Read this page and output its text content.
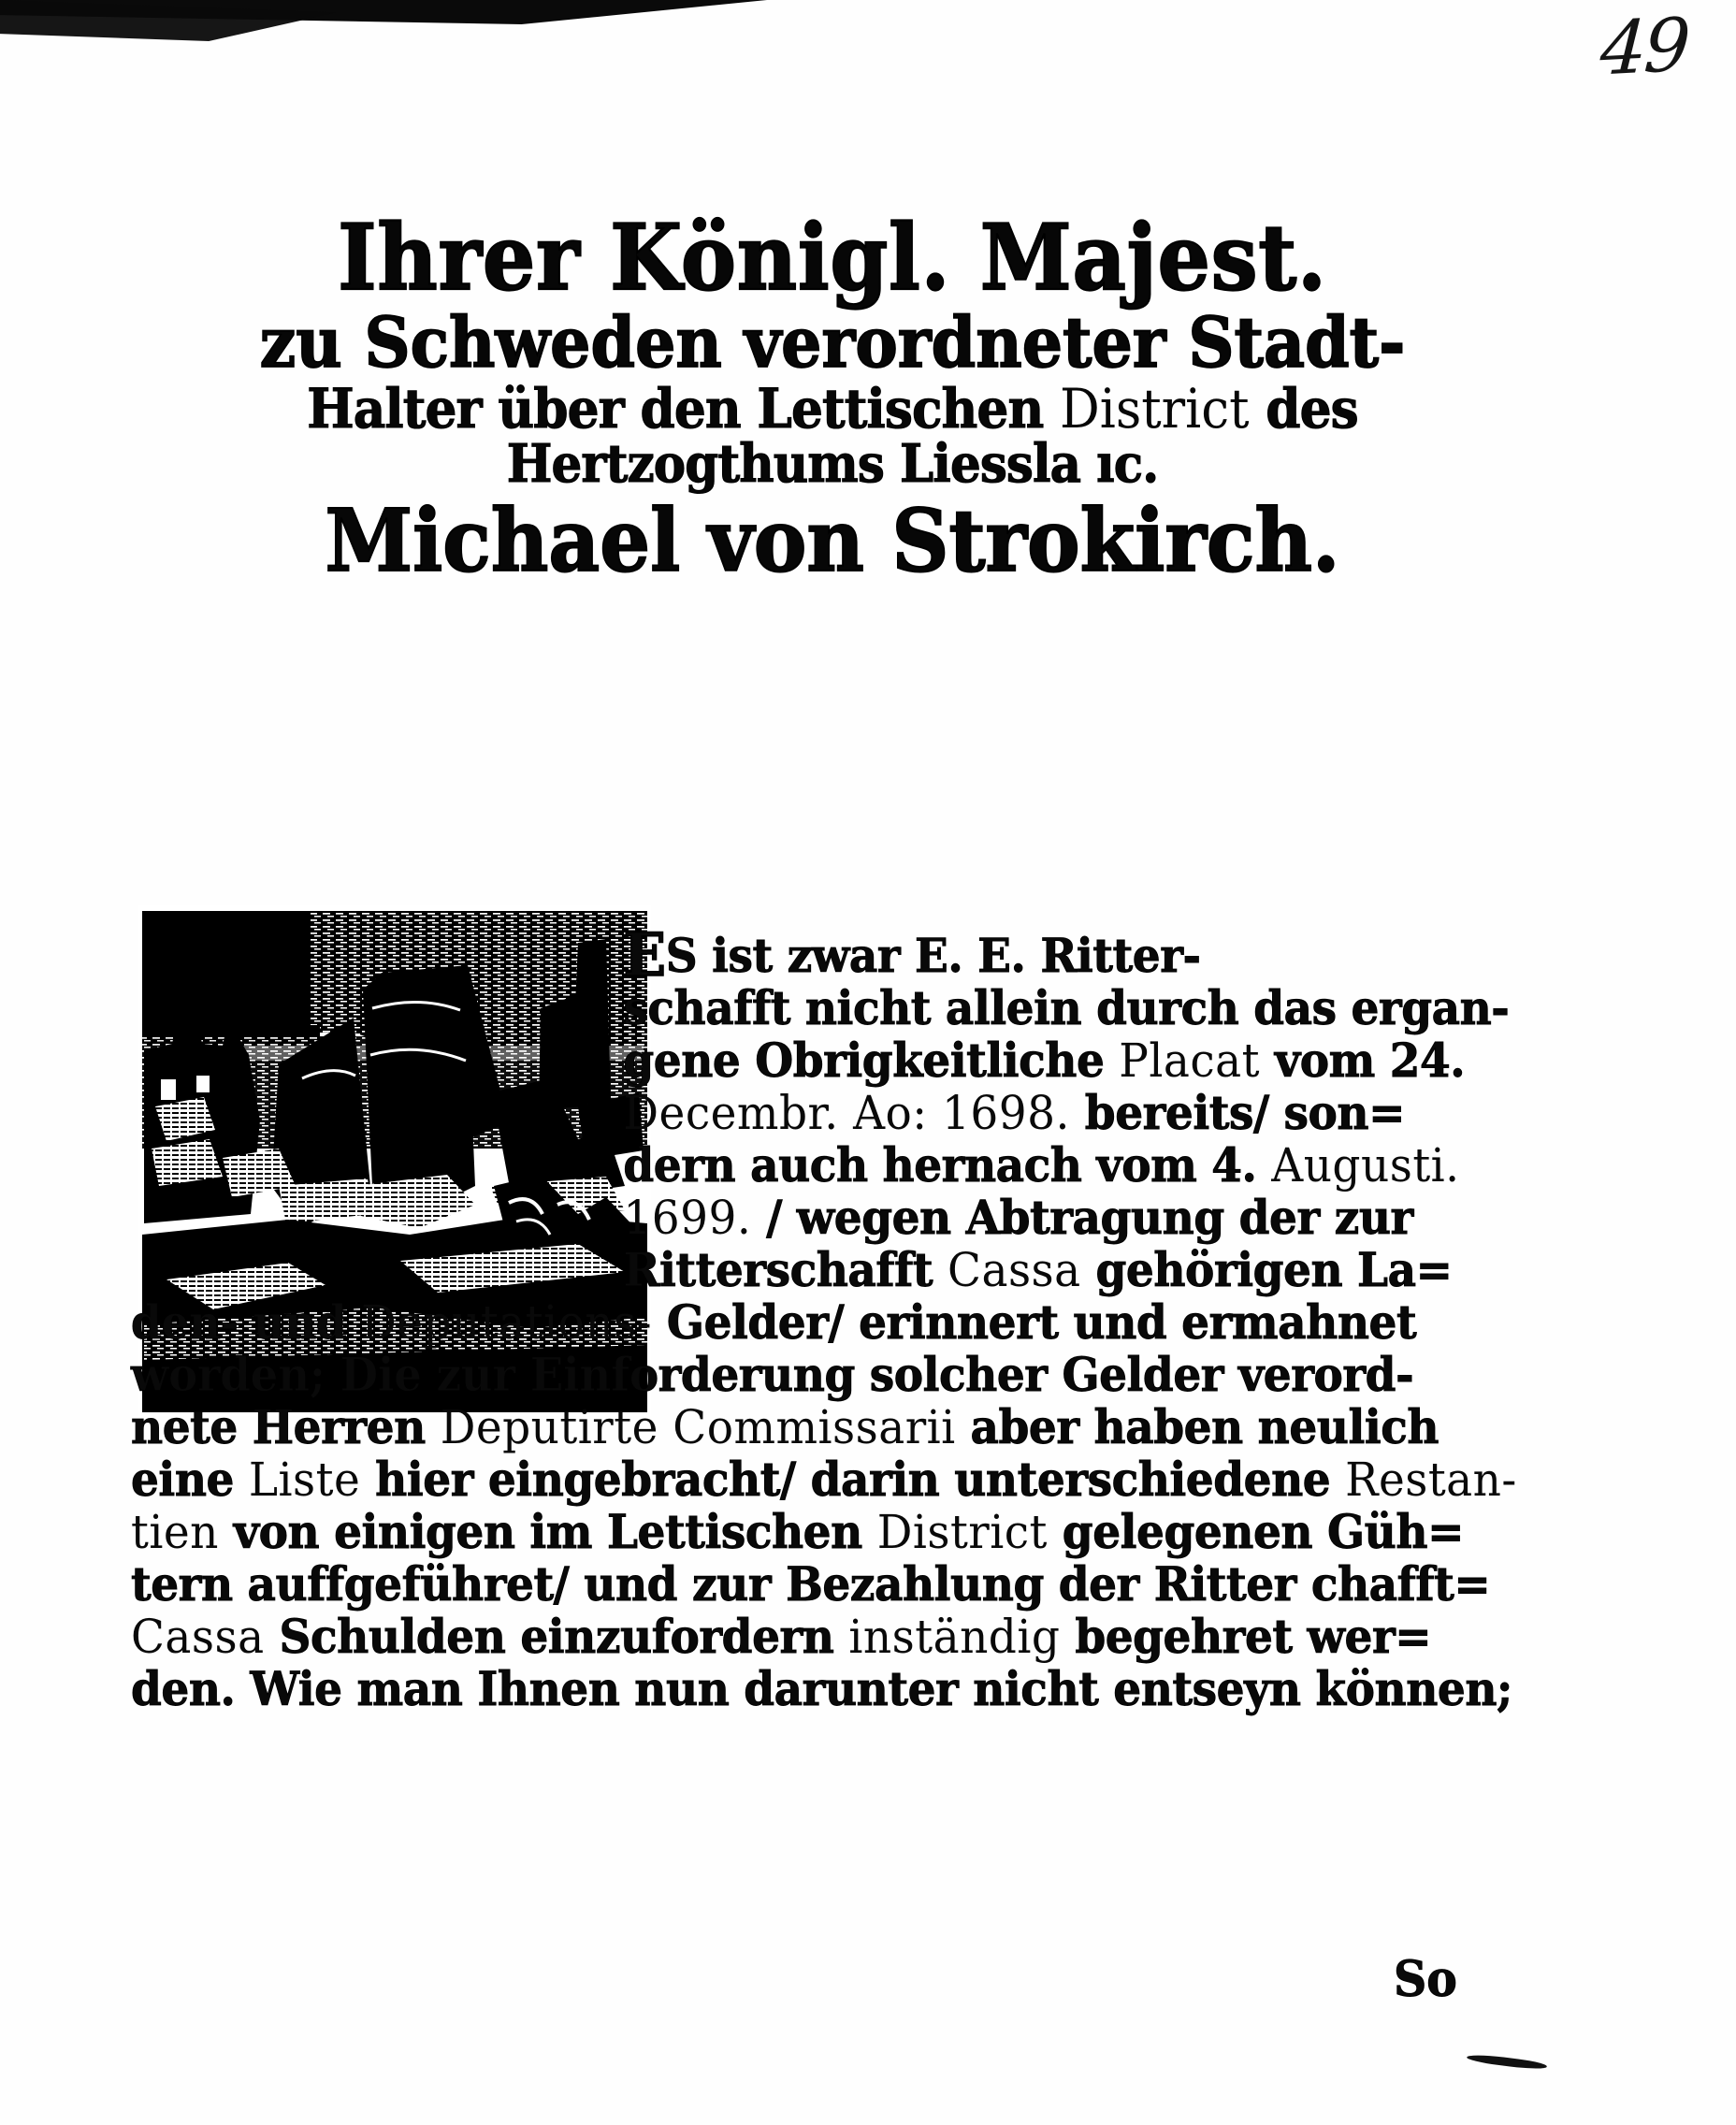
49
Ihrer Königl. Majest.
zu Schweden verordneter Stadt-
Halter über den Lettischen District des
Hertzogthums Liessla ıc.
Michael von Strokirch.
ES ist zwar E. E. Ritter-
schafft nicht allein durch das ergan-
gene Obrigkeitliche Placat vom 24.
Decembr. Ao: 1698. bereits/ son=
dern auch hernach vom 4. Augusti.
1699. / wegen Abtragung der zur
Ritterschafft Cassa gehörigen La=
den- und Deputations- Gelder/ erinnert und ermahnet
worden; Die zur Einforderung solcher Gelder verord-
nete Herren Deputirte Commissarii aber haben neulich
eine Liste hier eingebracht/ darin unterschiedene Restan-
tien von einigen im Lettischen District gelegenen Güh=
tern auffgeführet/ und zur Bezahlung der Ritter chafft=
Cassa Schulden einzufordern inständig begehret wer=
den. Wie man Ihnen nun darunter nicht entseyn können;
So
